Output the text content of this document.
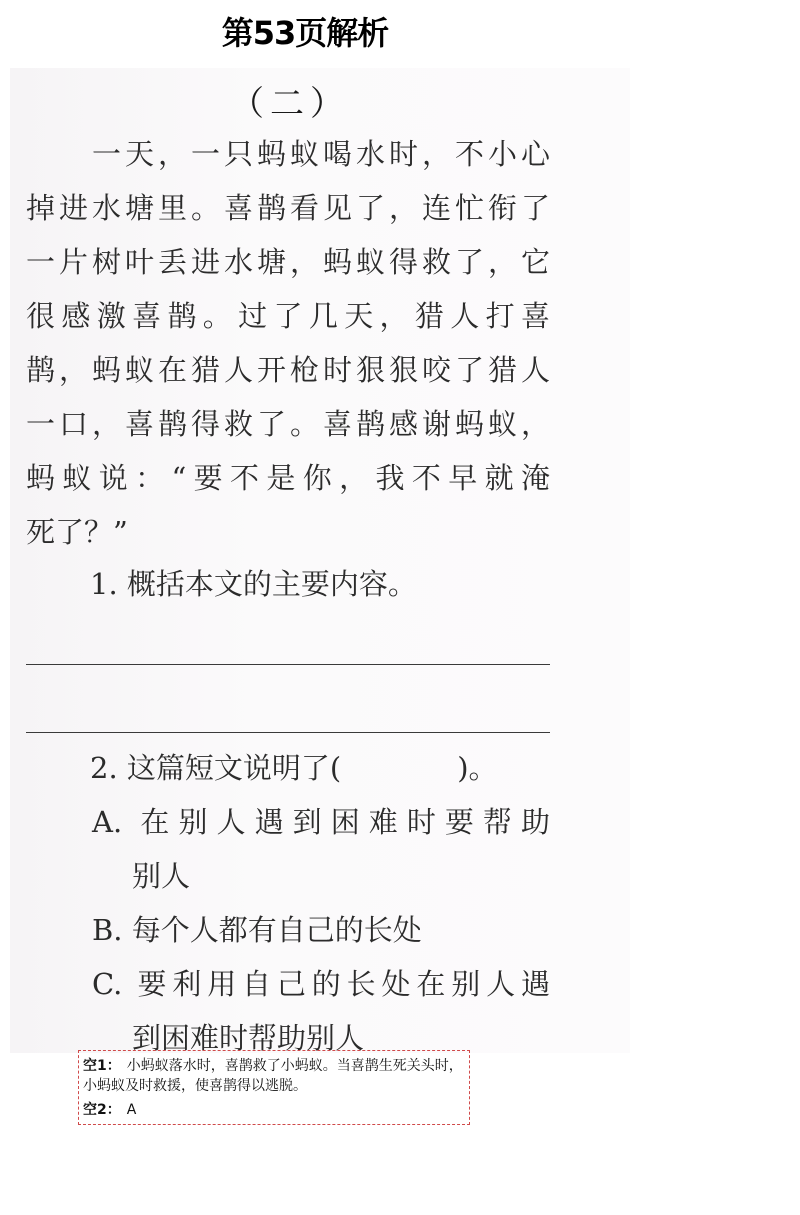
第53页解析
（二）
一天，一只蚂蚁喝水时，不小心
掉进水塘里。喜鹊看见了，连忙衔了
一片树叶丢进水塘，蚂蚁得救了，它
很感激喜鹊。过了几天，猎人打喜
鹊，蚂蚁在猎人开枪时狠狠咬了猎人
一口，喜鹊得救了。喜鹊感谢蚂蚁，
蚂蚁说：“要不是你，我不早就淹
死了？”
1. 概括本文的主要内容。
2. 这篇短文说明了(　　　　)。
A. 在别人遇到困难时要帮助
别人
B. 每个人都有自己的长处
C. 要利用自己的长处在别人遇
到困难时帮助别人
空1： 小蚂蚁落水时，喜鹊救了小蚂蚁。当喜鹊生死关头时，小蚂蚁及时救援，使喜鹊得以逃脱。
空2： A
